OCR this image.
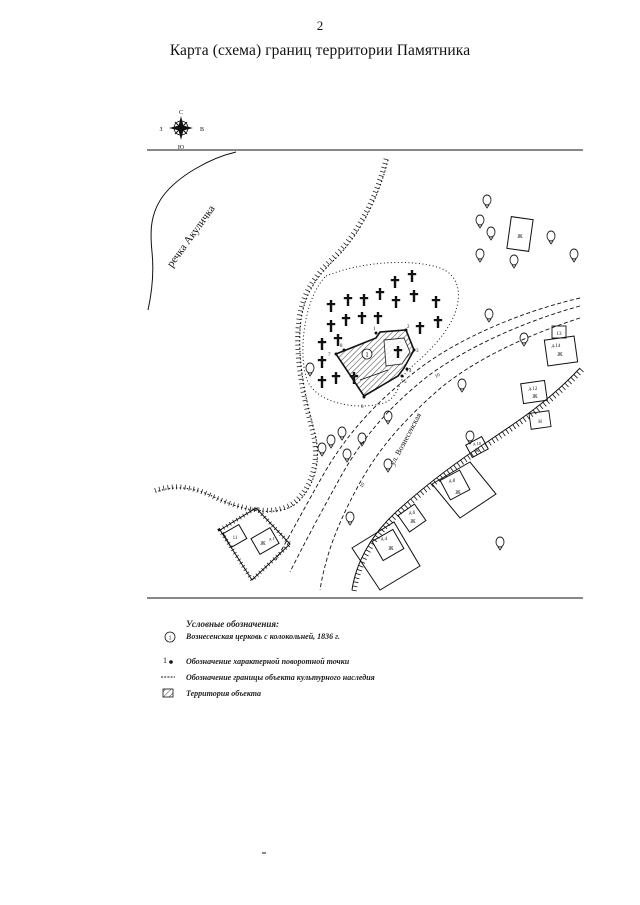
2
Карта (схема) границ территории Памятника
С
Ю
З	В
речка Акуличка
1
1	2
3
4
5
6
7
8
Ж
ул. Вознесенская
10
10
13
д.14
Ж
д.12
Ж
Н
д.10
Ж
д.8
Ж
д.6
Ж
д.4
Ж
11
Ж
д.1
1
1
Условные обозначения:
Вознесенская церковь с колокольней, 1836 г.
Обозначение характерной поворотной точки
Обозначение границы объекта культурного наследия
Территория объекта
